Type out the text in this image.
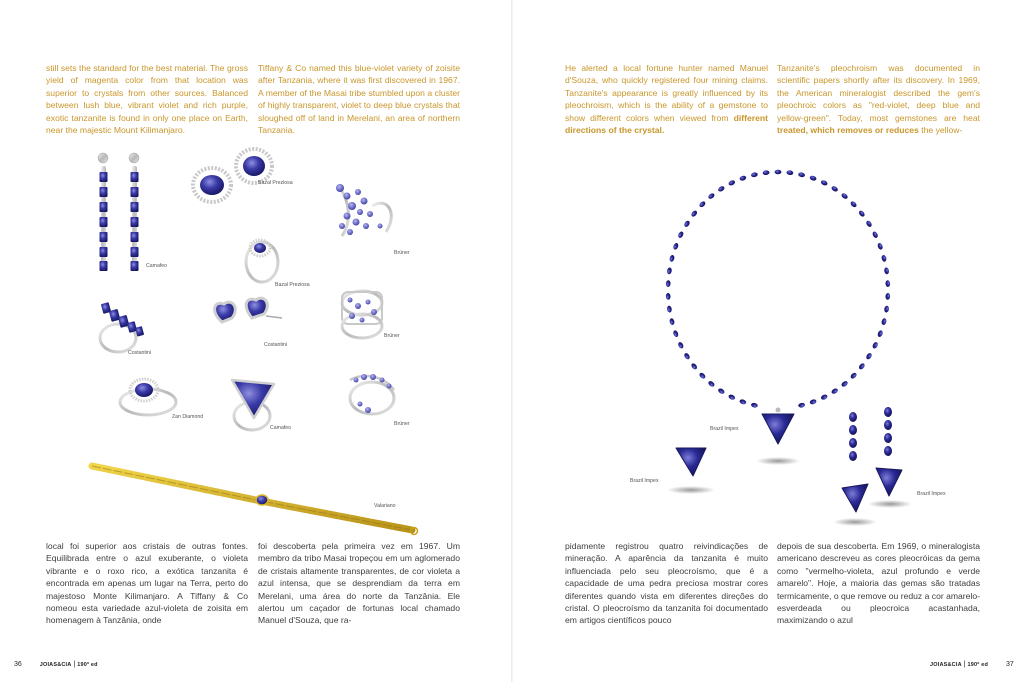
still sets the standard for the best material. The gross yield of magenta color from that location was superior to crystals from other sources. Balanced between lush blue, vibrant violet and rich purple, exotic tanzanite is found in only one place on Earth, near the majestic Mount Kilimanjaro.
Tiffany & Co named this blue-violet variety of zoisite after Tanzania, where it was first discovered in 1967. A member of the Masai tribe stumbled upon a cluster of highly transparent, violet to deep blue crystals that sloughed off of land in Merelani, an area of northern Tanzania.
local foi superior aos cristais de outras fontes. Equilibrada entre o azul exuberante, o violeta vibrante e o roxo rico, a exótica tanzanita é encontrada em apenas um lugar na Terra, perto do majestoso Monte Kilimanjaro. A Tiffany & Co nomeou esta variedade azul-violeta de zoisita em homenagem à Tanzânia, onde
foi descoberta pela primeira vez em 1967. Um membro da tribo Masai tropeçou em um aglomerado de cristais altamente transparentes, de cor violeta a azul intensa, que se desprendiam da terra em Merelani, uma área do norte da Tanzânia. Ele alertou um caçador de fortunas local chamado Manuel d'Souza, que ra-
He alerted a local fortune hunter named Manuel d'Souza, who quickly registered four mining claims. Tanzanite's appearance is greatly influenced by its pleochroism, which is the ability of a gemstone to show different colors when viewed from different directions of the crystal.
Tanzanite's pleochroism was documented in scientific papers shortly after its discovery. In 1969, the American mineralogist described the gem's pleochroic colors as "red-violet, deep blue and yellow-green". Today, most gemstones are heat treated, which removes or reduces the yellow-
pidamente registrou quatro reivindicações de mineração. A aparência da tanzanita é muito influenciada pelo seu pleocroísmo, que é a capacidade de uma pedra preciosa mostrar cores diferentes quando vista em diferentes direções do cristal. O pleocroísmo da tanzanita foi documentado em artigos científicos pouco
depois de sua descoberta. Em 1969, o mineralogista americano descreveu as cores pleocróicas da gema como "vermelho-violeta, azul profundo e verde amarelo". Hoje, a maioria das gemas são tratadas termicamente, o que remove ou reduz a cor amarelo-esverdeada ou pleocroica acastanhada, maximizando o azul
Camafeo
Bazal Preziosa
Bazal Preziosa
Brüner
Brüner
Costantini
Costantini
Zan Diamond
Camafeo
Brüner
Valariano
Brazil Impex
Brazil Impex
Brazil Impex
36	JOIAS&CIA | 190ª ed	JOIAS&CIA | 190ª ed	37
